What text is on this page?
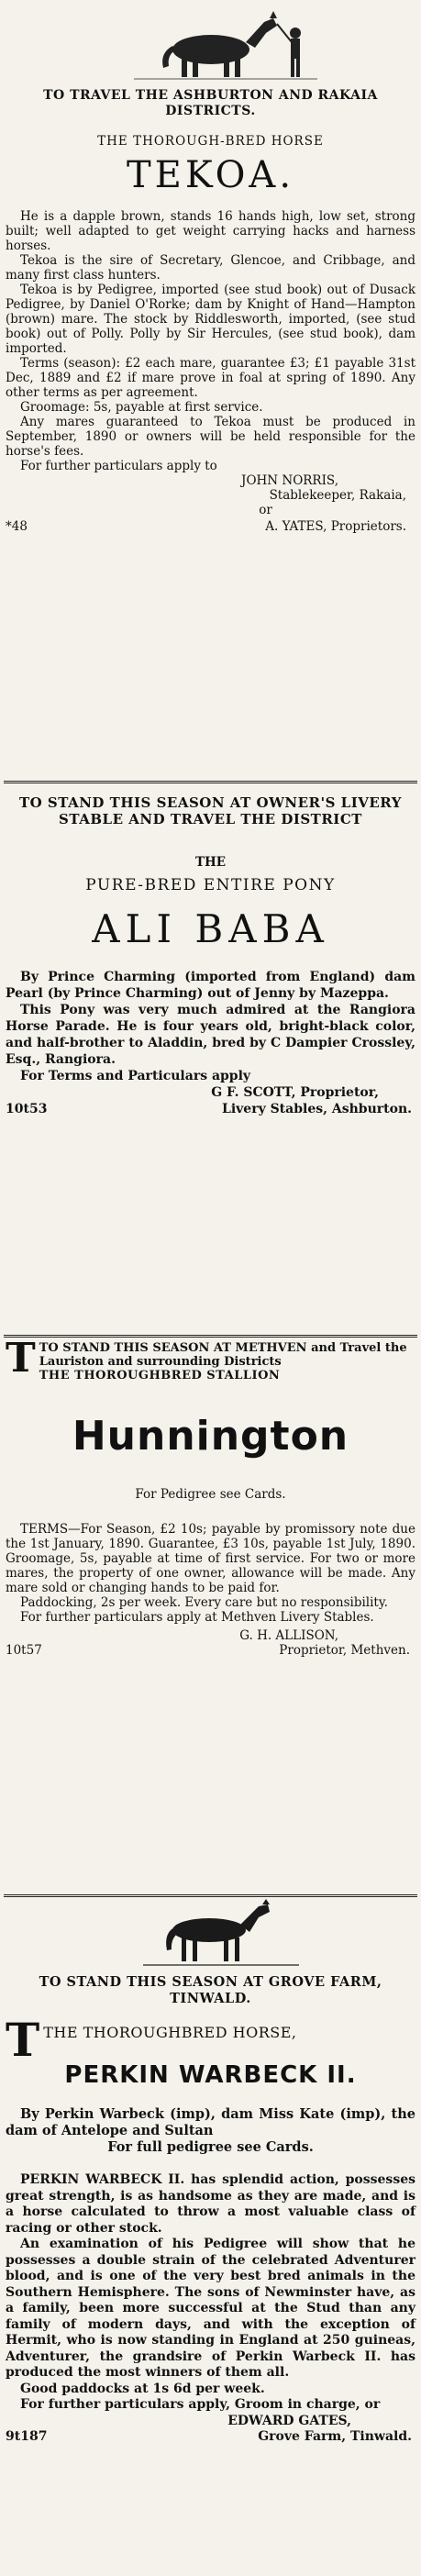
TO TRAVEL THE ASHBURTON AND RAKAIA DISTRICTS.
THE THOROUGH-BRED HORSE
TEKOA.

He is a dapple brown, stands 16 hands high, low set, strong built; well adapted to get weight carrying hacks and harness horses.

Tekoa is the sire of Secretary, Glencoe, and Cribbage, and many first class hunters.

Tekoa is by Pedigree, imported (see stud book) out of Dusack Pedigree, by Daniel O'Rorke; dam by Knight of Hand—Hampton (brown) mare. The stock by Riddlesworth, imported, (see stud book) out of Polly. Polly by Sir Hercules, (see stud book), dam imported.

Terms (season): £2 each mare, guarantee £3; £1 payable 31st Dec, 1889 and £2 if mare prove in foal at spring of 1890. Any other terms as per agreement.

Groomage: 5s, payable at first service.

Any mares guaranteed to Tekoa must be produced in September, 1890 or owners will be held responsible for the horse's fees.

For further particulars apply to

JOHN NORRIS,
Stablekeeper, Rakaia,
or
*48	A. YATES, Proprietors.
TO STAND THIS SEASON AT OWNER'S LIVERY STABLE AND TRAVEL THE DISTRICT
THE
PURE-BRED ENTIRE PONY
ALI BABA

By Prince Charming (imported from England) dam Pearl (by Prince Charming) out of Jenny by Mazeppa.

This Pony was very much admired at the Rangiora Horse Parade. He is four years old, bright-black color, and half-brother to Aladdin, bred by C Dampier Crossley, Esq., Rangiora.

For Terms and Particulars apply

G F. SCOTT, Proprietor,
10t53	Livery Stables, Ashburton.
T TO STAND THIS SEASON AT METHVEN and Travel the Lauriston and surrounding Districts
THE THOROUGHBRED STALLION
Hunnington
For Pedigree see Cards.

TERMS—For Season, £2 10s; payable by promissory note due the 1st January, 1890. Guarantee, £3 10s, payable 1st July, 1890. Groomage, 5s, payable at time of first service. For two or more mares, the property of one owner, allowance will be made. Any mare sold or changing hands to be paid for.

Paddocking, 2s per week. Every care but no responsibility.

For further particulars apply at Methven Livery Stables.

G. H. ALLISON,
10t57	Proprietor, Methven.
TO STAND THIS SEASON AT GROVE FARM, TINWALD.
T THE THOROUGHBRED HORSE,
PERKIN WARBECK II.

By Perkin Warbeck (imp), dam Miss Kate (imp), the dam of Antelope and Sultan

For full pedigree see Cards.

PERKIN WARBECK II. has splendid action, possesses great strength, is as handsome as they are made, and is a horse calculated to throw a most valuable class of racing or other stock.

An examination of his Pedigree will show that he possesses a double strain of the celebrated Adventurer blood, and is one of the very best bred animals in the Southern Hemisphere. The sons of Newminster have, as a family, been more successful at the Stud than any family of modern days, and with the exception of Hermit, who is now standing in England at 250 guineas, Adventurer, the grandsire of Perkin Warbeck II. has produced the most winners of them all.

Good paddocks at 1s 6d per week.

For further particulars apply, Groom in charge, or

EDWARD GATES,
9t187	Grove Farm, Tinwald.
